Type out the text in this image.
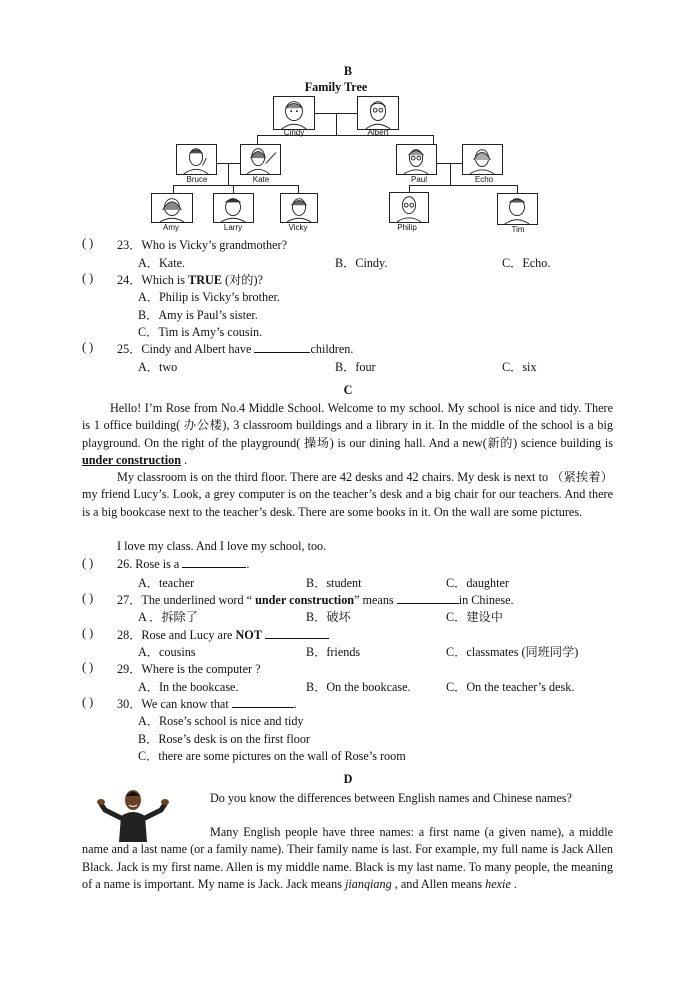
B
Family Tree
Cindy	Albert
Bruce	Kate	Paul	Echo
Amy	Larry	Vicky	Philip	Tim
( ) 23．Who is Vicky’s grandmother?
A．Kate.	B．Cindy.	C．Echo.
( ) 24．Which is TRUE (对的)?
A．Philip is Vicky’s brother.
B．Amy is Paul’s sister.
C．Tim is Amy’s cousin.
( ) 25．Cindy and Albert have	children.
A．two	B．four	C．six
C
Hello! I’m Rose from No.4 Middle School. Welcome to my school. My school is nice and tidy. There is 1 office building( 办公楼), 3 classroom buildings and a library in it. In the middle of the school is a big playground. On the right of the playground( 操场) is our dining hall. And a new(新的) science building is under construction .
My classroom is on the third floor. There are 42 desks and 42 chairs. My desk is next to （紧挨着） my friend Lucy’s. Look, a grey computer is on the teacher’s desk and a big chair for our teachers. And there is a big bookcase next to the teacher’s desk. There are some books in it. On the wall are some pictures.
I love my class. And I love my school, too.
( ) 26. Rose is a	.
A．teacher	B．student	C．daughter
( ) 27．The underlined word “ under construction” means	in Chinese.
A ．拆除了	B．破坏	C．建设中
( ) 28．Rose and Lucy are NOT
A．cousins	B．friends	C．classmates (同班同学)
( ) 29．Where is the computer ?
A．In the bookcase.	B．On the bookcase.	C．On the teacher’s desk.
( ) 30．We can know that	.
A．Rose’s school is nice and tidy
B．Rose’s desk is on the first floor
C．there are some pictures on the wall of Rose’s room
D
Do you know the differences between English names and Chinese names?
Many English people have three names: a first name (a given name), a middle name and a last name (or a family name). Their family name is last. For example, my full name is Jack Allen Black. Jack is my first name. Allen is my middle name. Black is my last name. To many people, the meaning of a name is important. My name is Jack. Jack means jianqiang , and Allen means hexie .
